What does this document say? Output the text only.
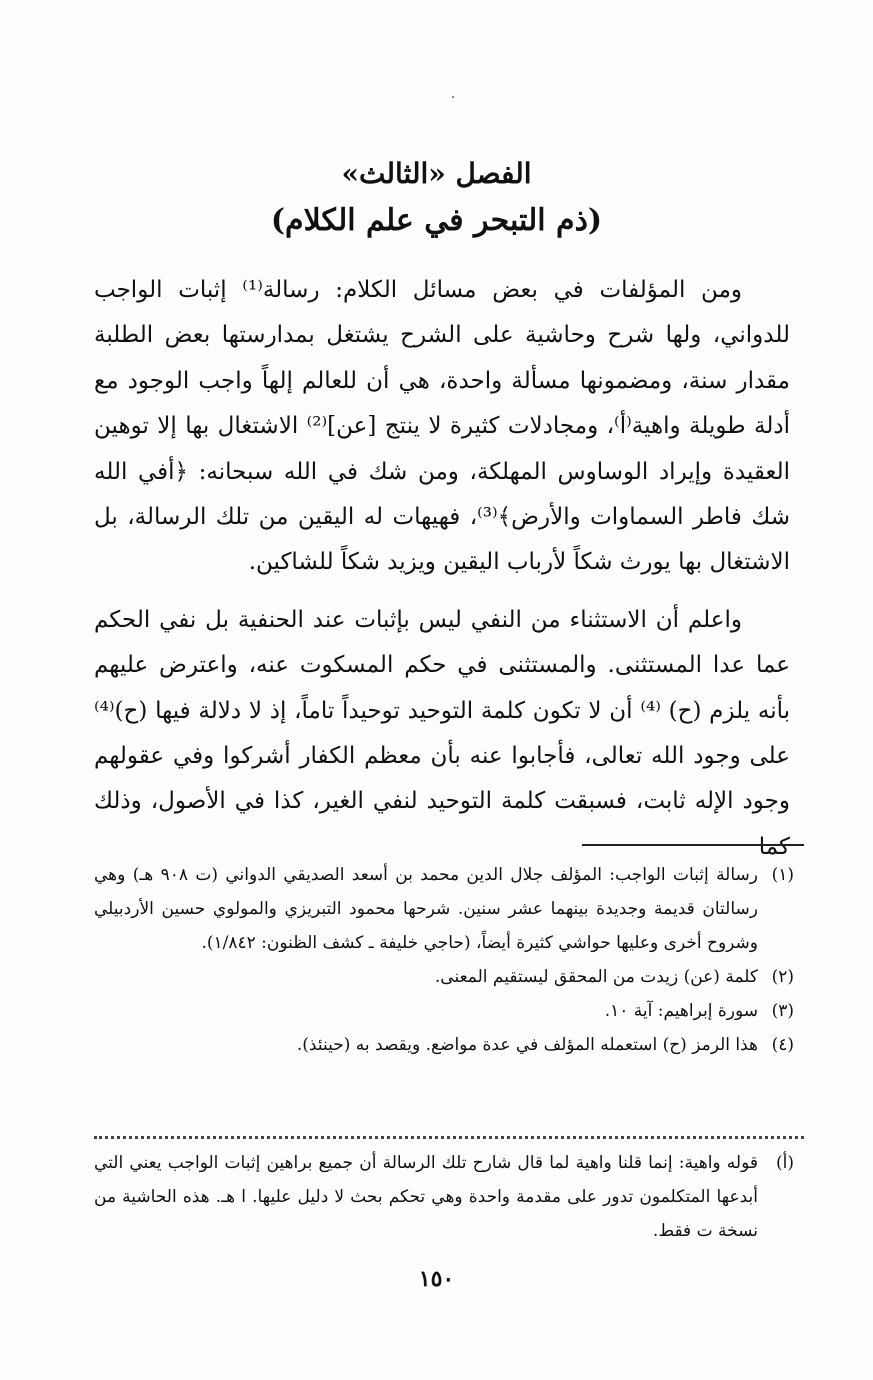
الفصل «الثالث»
(ذم التبحر في علم الكلام)

ومن المؤلفات في بعض مسائل الكلام: رسالة⁽¹⁾ إثبات الواجب للدواني، ولها شرح وحاشية على الشرح يشتغل بمدارستها بعض الطلبة مقدار سنة، ومضمونها مسألة واحدة، هي أن للعالم إلهاً واجب الوجود مع أدلة طويلة واهية⁽أ⁾، ومجادلات كثيرة لا ينتج [عن]⁽²⁾ الاشتغال بها إلا توهين العقيدة وإيراد الوساوس المهلكة، ومن شك في الله سبحانه: ﴿أفي الله شك فاطر السماوات والأرض﴾⁽³⁾، فهيهات له اليقين من تلك الرسالة، بل الاشتغال بها يورث شكاً لأرباب اليقين ويزيد شكاً للشاكين.

واعلم أن الاستثناء من النفي ليس بإثبات عند الحنفية بل نفي الحكم عما عدا المستثنى. والمستثنى في حكم المسكوت عنه، واعترض عليهم بأنه يلزم (ح) ⁽⁴⁾ أن لا تكون كلمة التوحيد توحيداً تاماً، إذ لا دلالة فيها (ح)⁽⁴⁾ على وجود الله تعالى، فأجابوا عنه بأن معظم الكفار أشركوا وفي عقولهم وجود الإله ثابت، فسبقت كلمة التوحيد لنفي الغير، كذا في الأصول، وذلك كما

(١)
رسالة إثبات الواجب: المؤلف جلال الدين محمد بن أسعد الصديقي الدواني (ت ٩٠٨ هـ) وهي رسالتان قديمة وجديدة بينهما عشر سنين. شرحها محمود التبريزي والمولوي حسين الأردبيلي وشروح أخرى وعليها حواشي كثيرة أيضاً، (حاجي خليفة ـ كشف الظنون: ١/٨٤٢).
(٢)
كلمة (عن) زيدت من المحقق ليستقيم المعنى.
(٣)
سورة إبراهيم: آية ١٠.
(٤)
هذا الرمز (ح) استعمله المؤلف في عدة مواضع. ويقصد به (حينئذ).
(أ)
قوله واهية: إنما قلنا واهية لما قال شارح تلك الرسالة أن جميع براهين إثبات الواجب يعني التي أبدعها المتكلمون تدور على مقدمة واحدة وهي تحكم بحث لا دليل عليها. ا هـ. هذه الحاشية من نسخة ت فقط.
١٥٠
